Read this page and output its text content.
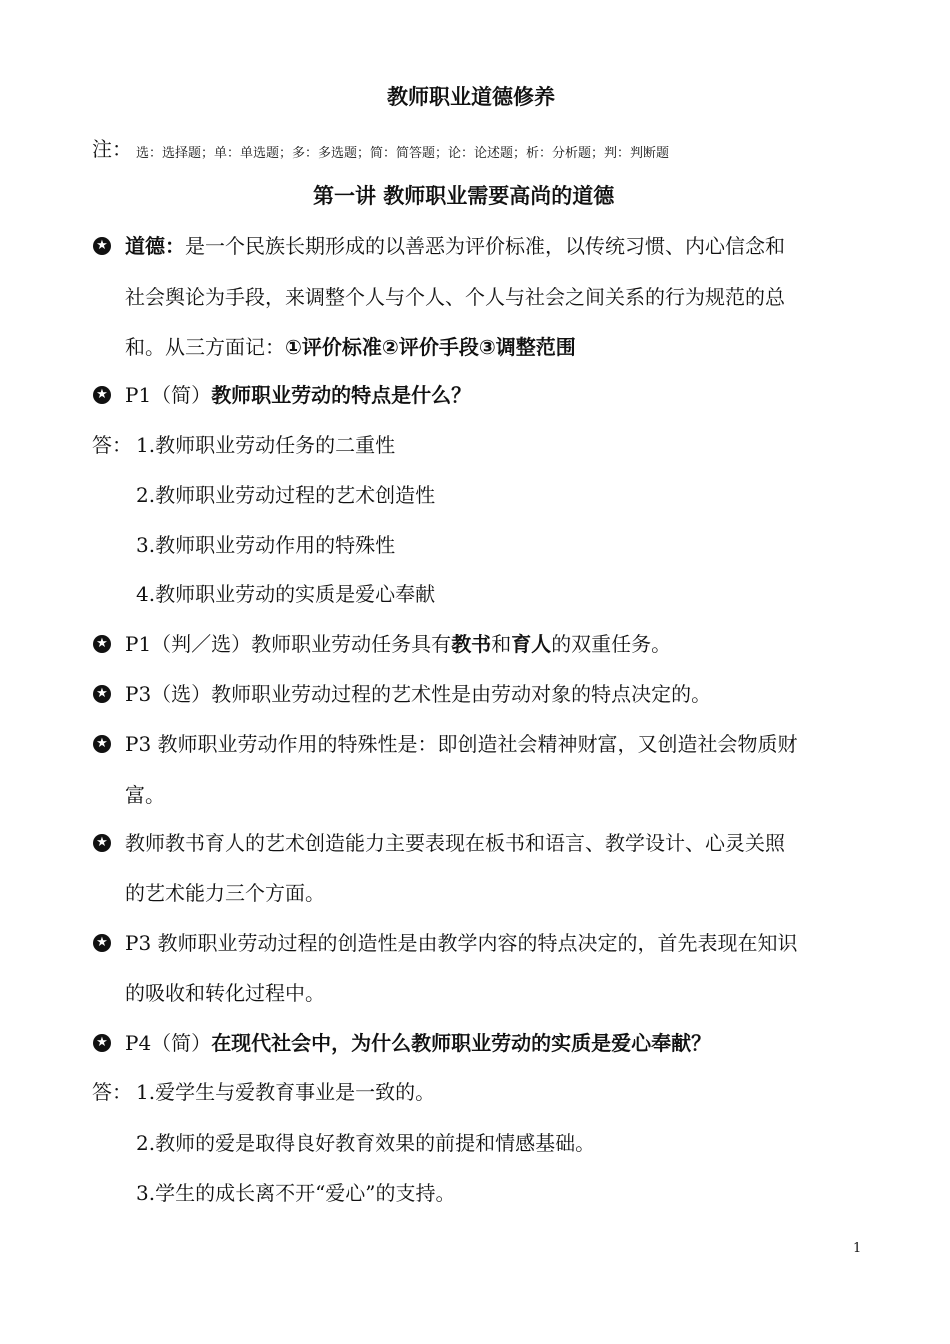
教师职业道德修养
注： 选：选择题；单：单选题；多：多选题；简：简答题；论：论述题；析：分析题；判：判断题
第一讲 教师职业需要高尚的道德
★ 道德：是一个民族长期形成的以善恶为评价标准，以传统习惯、内心信念和
社会舆论为手段，来调整个人与个人、个人与社会之间关系的行为规范的总
和。从三方面记：①评价标准②评价手段③调整范围
★ P1（简）教师职业劳动的特点是什么？
答： 1.教师职业劳动任务的二重性
2.教师职业劳动过程的艺术创造性
3.教师职业劳动作用的特殊性
4.教师职业劳动的实质是爱心奉献
★ P1（判／选）教师职业劳动任务具有教书和育人的双重任务。
★ P3（选）教师职业劳动过程的艺术性是由劳动对象的特点决定的。
★ P3 教师职业劳动作用的特殊性是：即创造社会精神财富，又创造社会物质财
富。
★ 教师教书育人的艺术创造能力主要表现在板书和语言、教学设计、心灵关照
的艺术能力三个方面。
★ P3 教师职业劳动过程的创造性是由教学内容的特点决定的，首先表现在知识
的吸收和转化过程中。
★ P4（简）在现代社会中，为什么教师职业劳动的实质是爱心奉献？
答： 1.爱学生与爱教育事业是一致的。
2.教师的爱是取得良好教育效果的前提和情感基础。
3.学生的成长离不开“爱心”的支持。
1
